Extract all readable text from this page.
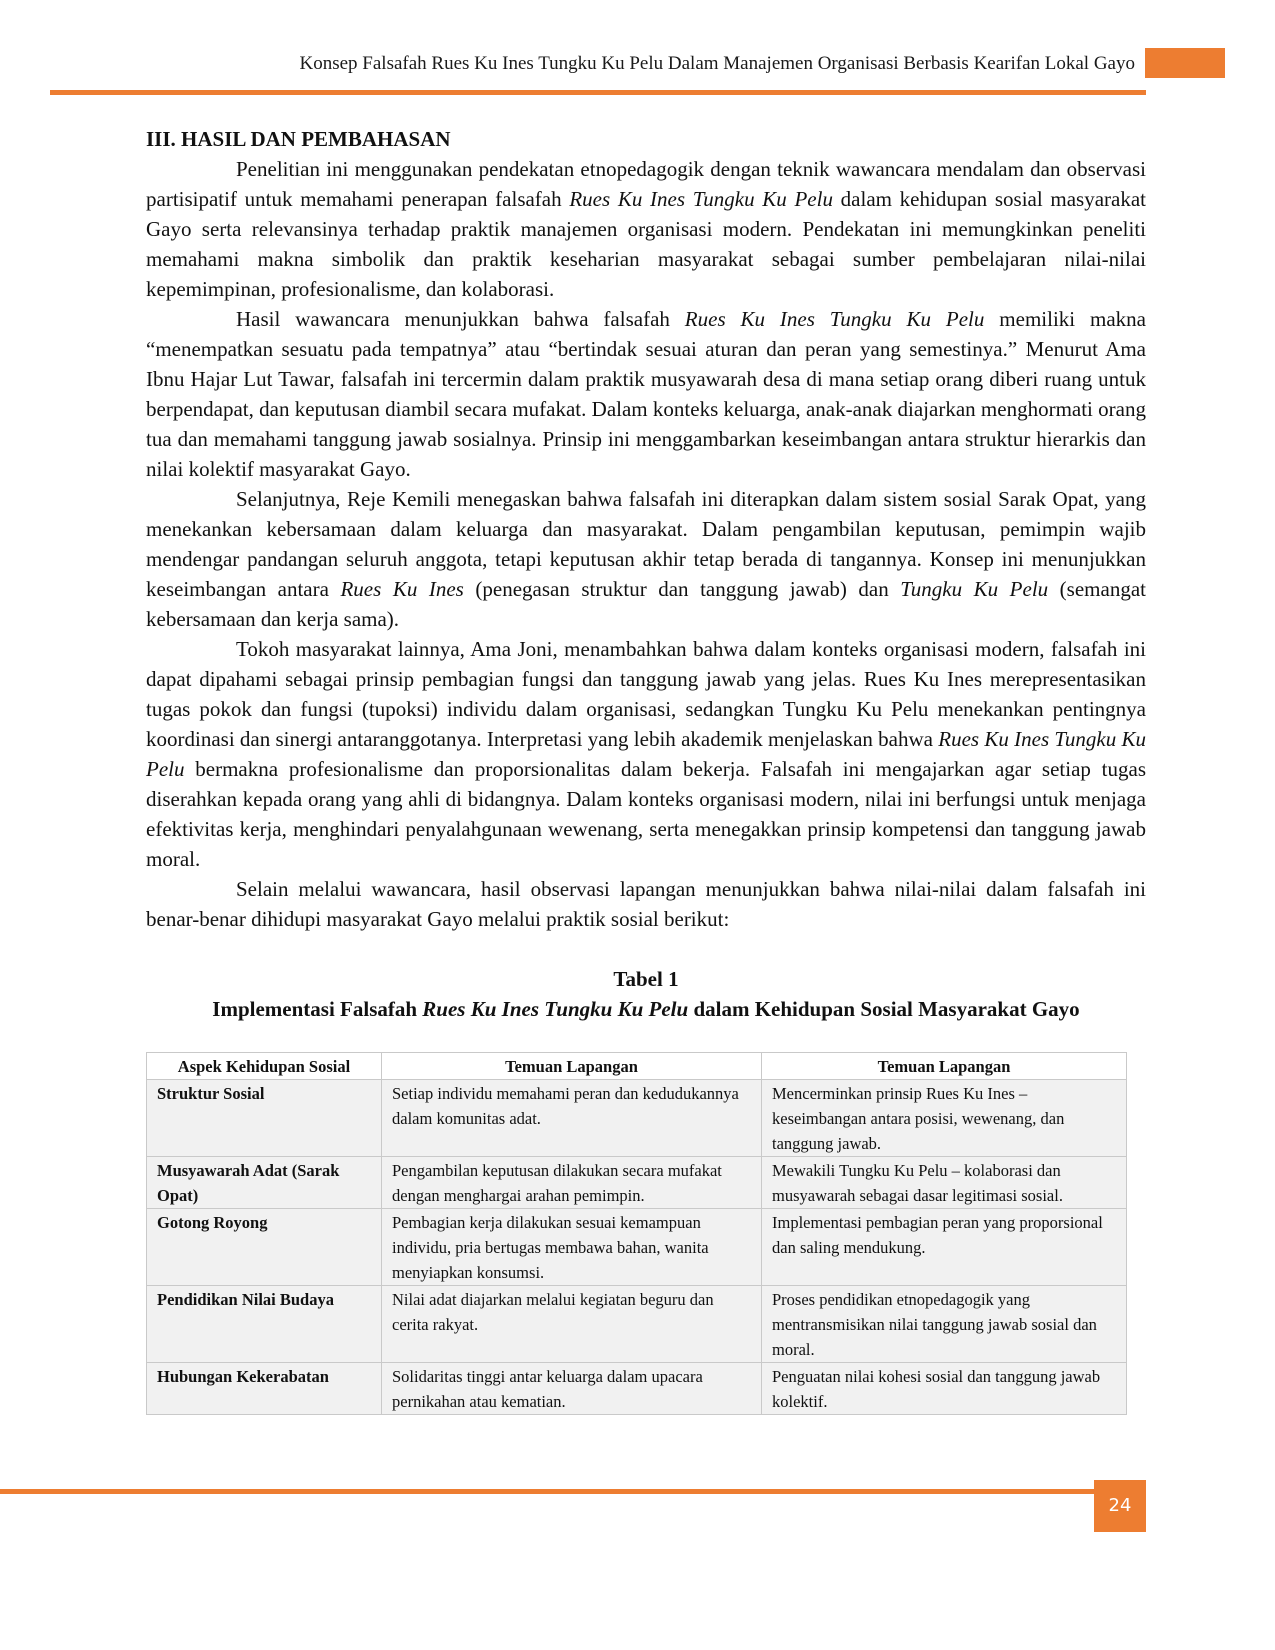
Konsep Falsafah Rues Ku Ines Tungku Ku Pelu Dalam Manajemen Organisasi Berbasis Kearifan Lokal Gayo
III. HASIL DAN PEMBAHASAN

Penelitian ini menggunakan pendekatan etnopedagogik dengan teknik wawancara mendalam dan observasi partisipatif untuk memahami penerapan falsafah Rues Ku Ines Tungku Ku Pelu dalam kehidupan sosial masyarakat Gayo serta relevansinya terhadap praktik manajemen organisasi modern. Pendekatan ini memungkinkan peneliti memahami makna simbolik dan praktik keseharian masyarakat sebagai sumber pembelajaran nilai-nilai kepemimpinan, profesionalisme, dan kolaborasi.

Hasil wawancara menunjukkan bahwa falsafah Rues Ku Ines Tungku Ku Pelu memiliki makna “menempatkan sesuatu pada tempatnya” atau “bertindak sesuai aturan dan peran yang semestinya.” Menurut Ama Ibnu Hajar Lut Tawar, falsafah ini tercermin dalam praktik musyawarah desa di mana setiap orang diberi ruang untuk berpendapat, dan keputusan diambil secara mufakat. Dalam konteks keluarga, anak-anak diajarkan menghormati orang tua dan memahami tanggung jawab sosialnya. Prinsip ini menggambarkan keseimbangan antara struktur hierarkis dan nilai kolektif masyarakat Gayo.

Selanjutnya, Reje Kemili menegaskan bahwa falsafah ini diterapkan dalam sistem sosial Sarak Opat, yang menekankan kebersamaan dalam keluarga dan masyarakat. Dalam pengambilan keputusan, pemimpin wajib mendengar pandangan seluruh anggota, tetapi keputusan akhir tetap berada di tangannya. Konsep ini menunjukkan keseimbangan antara Rues Ku Ines (penegasan struktur dan tanggung jawab) dan Tungku Ku Pelu (semangat kebersamaan dan kerja sama).

Tokoh masyarakat lainnya, Ama Joni, menambahkan bahwa dalam konteks organisasi modern, falsafah ini dapat dipahami sebagai prinsip pembagian fungsi dan tanggung jawab yang jelas. Rues Ku Ines merepresentasikan tugas pokok dan fungsi (tupoksi) individu dalam organisasi, sedangkan Tungku Ku Pelu menekankan pentingnya koordinasi dan sinergi antaranggotanya. Interpretasi yang lebih akademik menjelaskan bahwa Rues Ku Ines Tungku Ku Pelu bermakna profesionalisme dan proporsionalitas dalam bekerja. Falsafah ini mengajarkan agar setiap tugas diserahkan kepada orang yang ahli di bidangnya. Dalam konteks organisasi modern, nilai ini berfungsi untuk menjaga efektivitas kerja, menghindari penyalahgunaan wewenang, serta menegakkan prinsip kompetensi dan tanggung jawab moral.

Selain melalui wawancara, hasil observasi lapangan menunjukkan bahwa nilai-nilai dalam falsafah ini benar-benar dihidupi masyarakat Gayo melalui praktik sosial berikut:

Tabel 1
Implementasi Falsafah Rues Ku Ines Tungku Ku Pelu dalam Kehidupan Sosial Masyarakat Gayo
Aspek Kehidupan Sosial	Temuan Lapangan	Temuan Lapangan
Struktur Sosial	Setiap individu memahami peran dan kedudukannya dalam komunitas adat.	Mencerminkan prinsip Rues Ku Ines – keseimbangan antara posisi, wewenang, dan tanggung jawab.
Musyawarah Adat (Sarak Opat)	Pengambilan keputusan dilakukan secara mufakat dengan menghargai arahan pemimpin.	Mewakili Tungku Ku Pelu – kolaborasi dan musyawarah sebagai dasar legitimasi sosial.
Gotong Royong	Pembagian kerja dilakukan sesuai kemampuan individu, pria bertugas membawa bahan, wanita menyiapkan konsumsi.	Implementasi pembagian peran yang proporsional dan saling mendukung.
Pendidikan Nilai Budaya	Nilai adat diajarkan melalui kegiatan beguru dan cerita rakyat.	Proses pendidikan etnopedagogik yang mentransmisikan nilai tanggung jawab sosial dan moral.
Hubungan Kekerabatan	Solidaritas tinggi antar keluarga dalam upacara pernikahan atau kematian.	Penguatan nilai kohesi sosial dan tanggung jawab kolektif.
24
